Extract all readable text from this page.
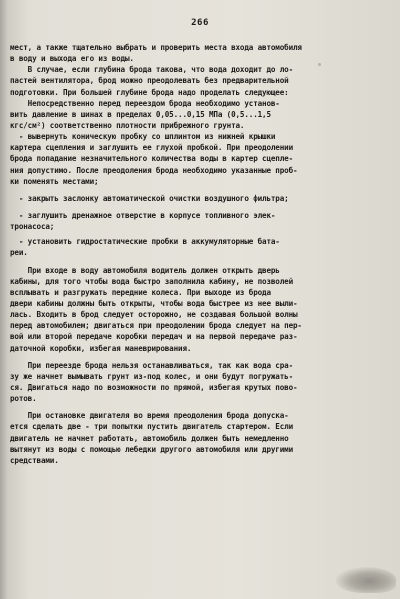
266
мест, а также тщательно выбрать и проверить места входа автомобиля
в воду и выхода его из воды.
В случае, если глубина брода такова, что вода доходит до ло-
пастей вентилятора, брод можно преодолевать без предварительной
подготовки. При большей глубине брода надо проделать следующее:
Непосредственно перед переездом брода необходимо установ-
вить давление в шинах в пределах 0,05...0,15 МПа (0,5...1,5
кгс/см²) соответственно плотности прибрежного грунта.
- вывернуть коническую пробку со шплинтом из нижней крышки
картера сцепления и заглушить ее глухой пробкой. При преодолении
брода попадание незначительного количества воды в картер сцепле-
ния допустимо. После преодоления брода необходимо указанные проб-
ки поменять местами;
- закрыть заслонку автоматической очистки воздушного фильтра;
- заглушить дренажное отверстие в корпусе топливного элек-
тронасоса;
- установить гидростатические пробки в аккумуляторные бата-
реи.
При входе в воду автомобиля водитель должен открыть дверь
кабины, для того чтобы вода быстро заполнила кабину, не позволей
всплывать и разгружать передние колеса. При выходе из брода
двери кабины должны быть открыты, чтобы вода быстрее из нее выли-
лась. Входить в брод следует осторожно, не создавая большой волны
перед автомобилем; двигаться при преодолении брода следует на пер-
вой или второй передаче коробки передач и на первой передаче раз-
даточной коробки, избегая маневрирования.
При переезде брода нельзя останавливаться, так как вода сра-
зу же начнет вымывать грунт из-под колес, и они будут погружать-
ся. Двигаться надо по возможности по прямой, избегая крутых пово-
ротов.
При остановке двигателя во время преодоления брода допуска-
ется сделать две - три попытки пустить двигатель стартером. Если
двигатель не начнет работать, автомобиль должен быть немедленно
вытянут из воды с помощью лебедки другого автомобиля или другими
средствами.
